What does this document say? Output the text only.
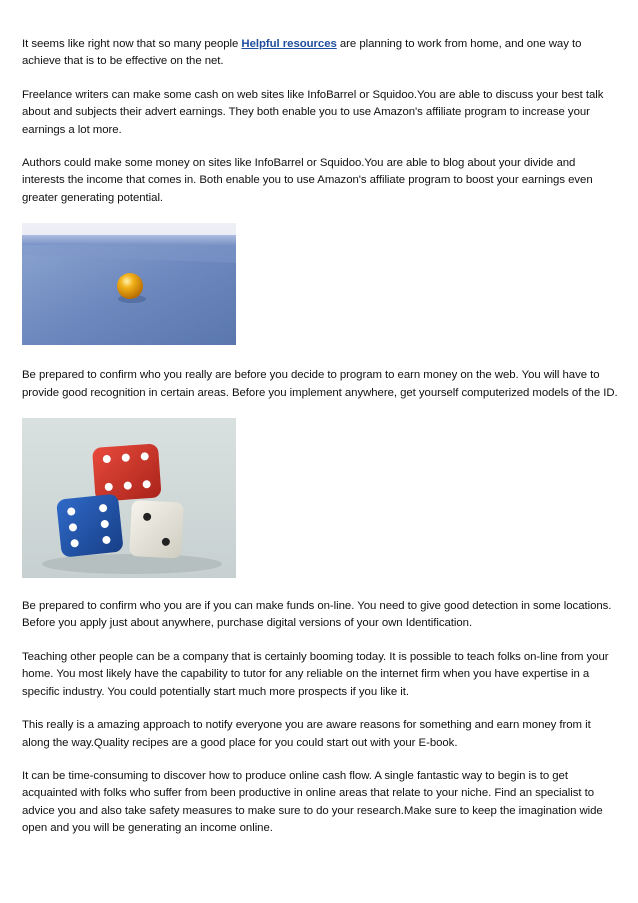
It seems like right now that so many people Helpful resources are planning to work from home, and one way to achieve that is to be effective on the net.

Freelance writers can make some cash on web sites like InfoBarrel or Squidoo.You are able to discuss your best talk about and subjects their advert earnings. They both enable you to use Amazon's affiliate program to increase your earnings a lot more.

Authors could make some money on sites like InfoBarrel or Squidoo.You are able to blog about your divide and interests the income that comes in. Both enable you to use Amazon's affiliate program to boost your earnings even greater generating potential.

Be prepared to confirm who you really are before you decide to program to earn money on the web. You will have to provide good recognition in certain areas. Before you implement anywhere, get yourself computerized models of the ID.

Be prepared to confirm who you are if you can make funds on-line. You need to give good detection in some locations. Before you apply just about anywhere, purchase digital versions of your own Identification.

Teaching other people can be a company that is certainly booming today. It is possible to teach folks on-line from your home. You most likely have the capability to tutor for any reliable on the internet firm when you have expertise in a specific industry. You could potentially start much more prospects if you like it.

This really is a amazing approach to notify everyone you are aware reasons for something and earn money from it along the way.Quality recipes are a good place for you could start out with your E-book.

It can be time-consuming to discover how to produce online cash flow. A single fantastic way to begin is to get acquainted with folks who suffer from been productive in online areas that relate to your niche. Find an specialist to advice you and also take safety measures to make sure to do your research.Make sure to keep the imagination wide open and you will be generating an income online.
